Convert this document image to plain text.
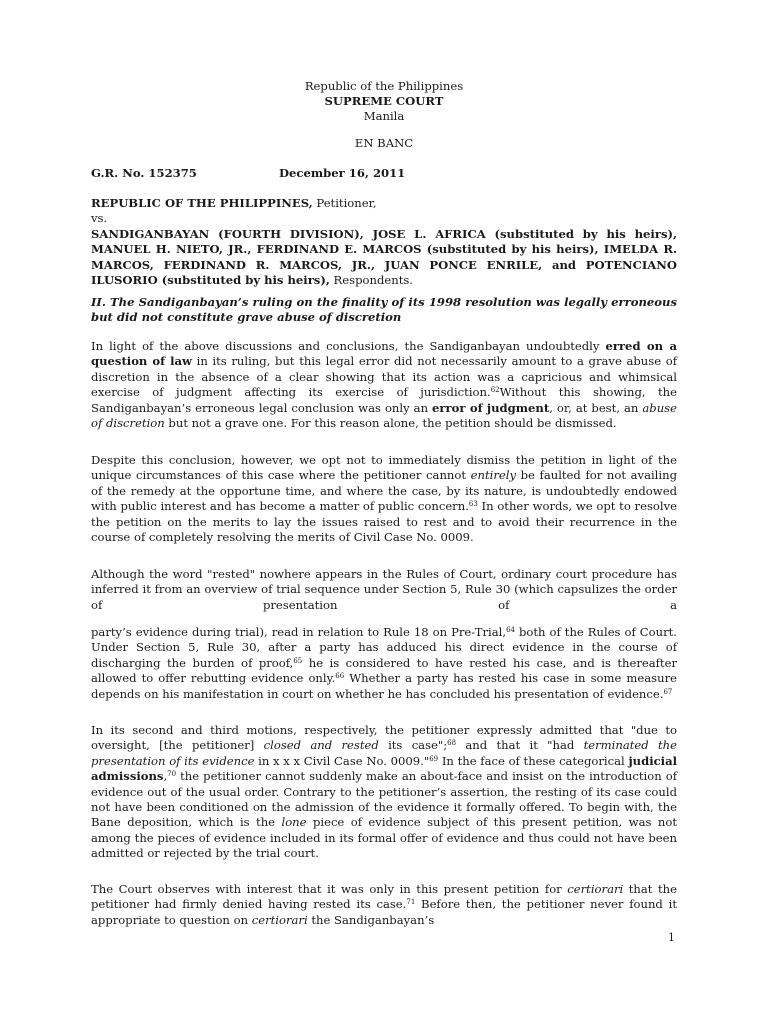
Republic of the Philippines
SUPREME COURT
Manila
EN BANC
G.R. No. 152375	December 16, 2011
REPUBLIC OF THE PHILIPPINES, Petitioner,
vs.
SANDIGANBAYAN (FOURTH DIVISION), JOSE L. AFRICA (substituted by his heirs), MANUEL H. NIETO, JR., FERDINAND E. MARCOS (substituted by his heirs), IMELDA R. MARCOS, FERDINAND R. MARCOS, JR., JUAN PONCE ENRILE, and POTENCIANO ILUSORIO (substituted by his heirs), Respondents.
II. The Sandiganbayan’s ruling on the finality of its 1998 resolution was legally erroneous but did not constitute grave abuse of discretion
In light of the above discussions and conclusions, the Sandiganbayan undoubtedly erred on a question of law in its ruling, but this legal error did not necessarily amount to a grave abuse of discretion in the absence of a clear showing that its action was a capricious and whimsical exercise of judgment affecting its exercise of jurisdiction.$^{62}$Without this showing, the Sandiganbayan’s erroneous legal conclusion was only an error of judgment, or, at best, an abuse of discretion but not a grave one. For this reason alone, the petition should be dismissed.
Despite this conclusion, however, we opt not to immediately dismiss the petition in light of the unique circumstances of this case where the petitioner cannot entirely be faulted for not availing of the remedy at the opportune time, and where the case, by its nature, is undoubtedly endowed with public interest and has become a matter of public concern.$^{63}$ In other words, we opt to resolve the petition on the merits to lay the issues raised to rest and to avoid their recurrence in the course of completely resolving the merits of Civil Case No. 0009.
Although the word "rested" nowhere appears in the Rules of Court, ordinary court procedure has inferred it from an overview of trial sequence under Section 5, Rule 30 (which capsulizes the order of presentation of a
party’s evidence during trial), read in relation to Rule 18 on Pre-Trial,$^{64}$ both of the Rules of Court. Under Section 5, Rule 30, after a party has adduced his direct evidence in the course of discharging the burden of proof,$^{65}$ he is considered to have rested his case, and is thereafter allowed to offer rebutting evidence only.$^{66}$ Whether a party has rested his case in some measure depends on his manifestation in court on whether he has concluded his presentation of evidence.$^{67}$
In its second and third motions, respectively, the petitioner expressly admitted that "due to oversight, [the petitioner] closed and rested its case";$^{68}$ and that it "had terminated the presentation of its evidence in x x x Civil Case No. 0009."$^{69}$ In the face of these categorical judicial admissions,$^{70}$ the petitioner cannot suddenly make an about-face and insist on the introduction of evidence out of the usual order. Contrary to the petitioner’s assertion, the resting of its case could not have been conditioned on the admission of the evidence it formally offered. To begin with, the Bane deposition, which is the lone piece of evidence subject of this present petition, was not among the pieces of evidence included in its formal offer of evidence and thus could not have been admitted or rejected by the trial court.
The Court observes with interest that it was only in this present petition for certiorari that the petitioner had firmly denied having rested its case.$^{71}$ Before then, the petitioner never found it appropriate to question on certiorari the Sandiganbayan’s
1
